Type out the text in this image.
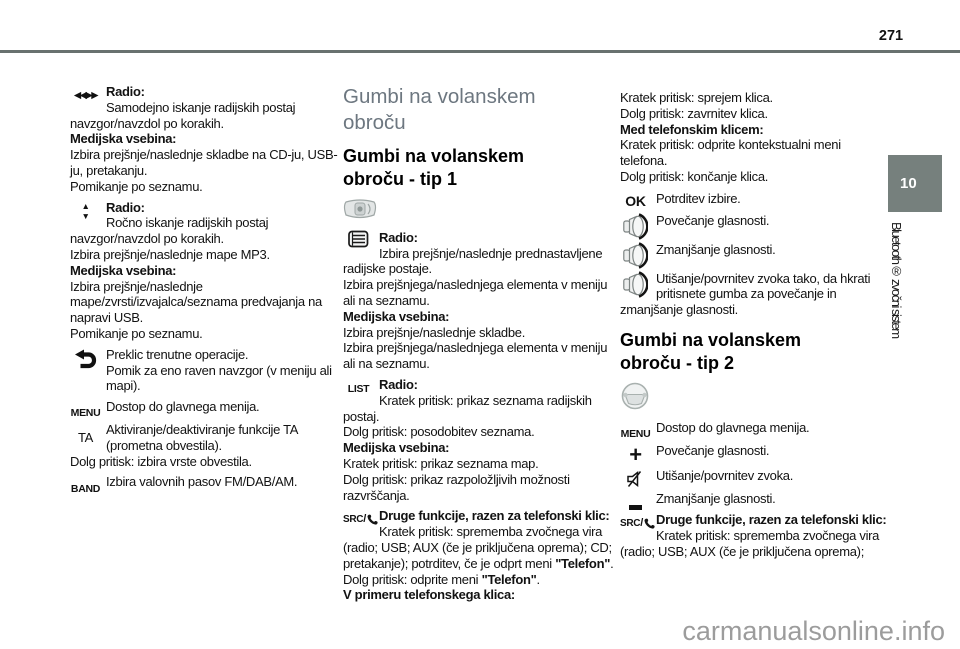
271
10
Bluetooth® zvočni sistem
◀◀▶▶ Radio:
Samodejno iskanje radijskih postaj navzgor/navzdol po korakih.
Medijska vsebina:
Izbira prejšnje/naslednje skladbe na CD-ju, USB-ju, pretakanju.
Pomikanje po seznamu.
▲
▼
Radio:
Ročno iskanje radijskih postaj navzgor/navzdol po korakih.
Izbira prejšnje/naslednje mape MP3.
Medijska vsebina:
Izbira prejšnje/naslednje mape/zvrsti/izvajalca/seznama predvajanja na napravi USB.
Pomikanje po seznamu.
Preklic trenutne operacije.
Pomik za eno raven navzgor (v meniju ali mapi).
MENU Dostop do glavnega menija.
TA
Aktiviranje/deaktiviranje funkcije TA (prometna obvestila).
Dolg pritisk: izbira vrste obvestila.
BAND Izbira valovnih pasov FM/DAB/AM.
Gumbi na volanskem obroču
Gumbi na volanskem obroču - tip 1
Radio:
Izbira prejšnje/naslednje prednastavljene radijske postaje.
Izbira prejšnjega/naslednjega elementa v meniju ali na seznamu.
Medijska vsebina:
Izbira prejšnje/naslednje skladbe.
Izbira prejšnjega/naslednjega elementa v meniju ali na seznamu.
LIST Radio:
Kratek pritisk: prikaz seznama radijskih postaj.
Dolg pritisk: posodobitev seznama.
Medijska vsebina:
Kratek pritisk: prikaz seznama map.
Dolg pritisk: prikaz razpoložljivih možnosti razvrščanja.
SRC/	Druge funkcije, razen za telefonski klic:
Kratek pritisk: sprememba zvočnega vira (radio; USB; AUX (če je priključena oprema); CD; pretakanje); potrditev, če je odprt meni "Telefon".
Dolg pritisk: odprite meni "Telefon".
V primeru telefonskega klica:
Kratek pritisk: sprejem klica.
Dolg pritisk: zavrnitev klica.
Med telefonskim klicem:
Kratek pritisk: odprite kontekstualni meni telefona.
Dolg pritisk: končanje klica.
OK Potrditev izbire.
Povečanje glasnosti.
Zmanjšanje glasnosti.
Utišanje/povrnitev zvoka tako, da hkrati pritisnete gumba za povečanje in zmanjšanje glasnosti.
Gumbi na volanskem obroču - tip 2
MENU Dostop do glavnega menija.
+	Povečanje glasnosti.
Utišanje/povrnitev zvoka.
Zmanjšanje glasnosti.
SRC/	Druge funkcije, razen za telefonski klic:
Kratek pritisk: sprememba zvočnega vira (radio; USB; AUX (če je priključena oprema);
carmanualsonline.info
